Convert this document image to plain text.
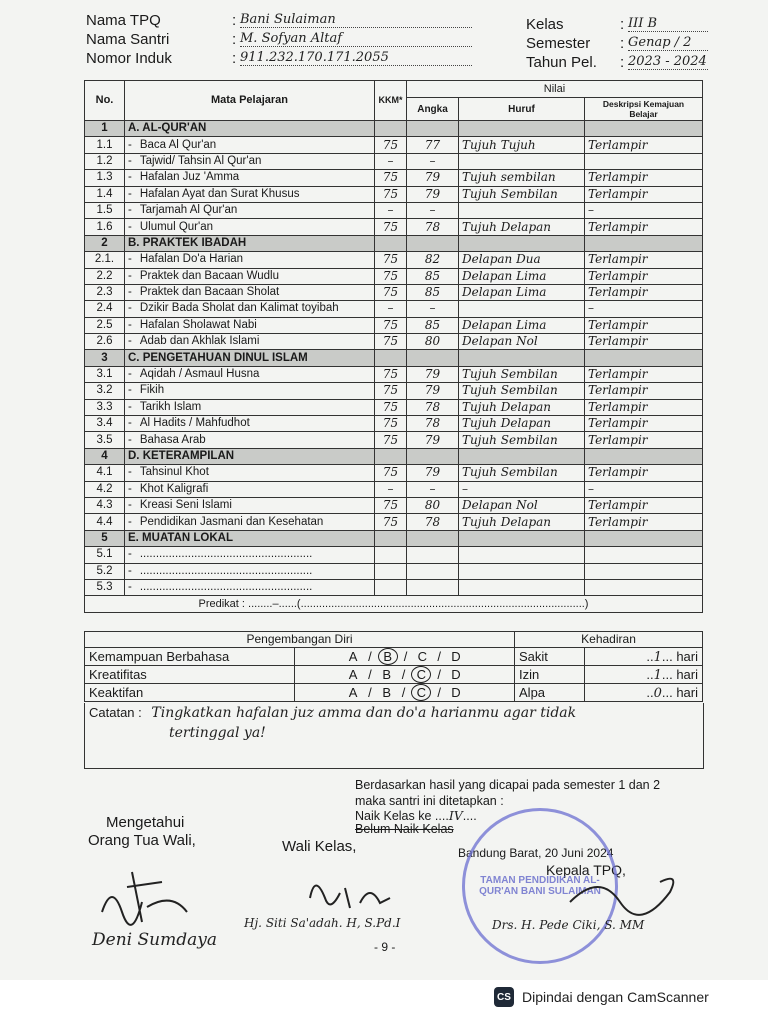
Nama TPQ	: Bani Sulaiman
Nama Santri	: M. Sofyan Altaf
Nomor Induk	: 911.232.170.171.2055
Kelas	: III B
Semester : Genap / 2
Tahun Pel. : 2023 - 2024
No.	Mata Pelajaran	KKM*	Nilai		
			Angka	Huruf	Deskripsi Kemajuan Belajar
1	A. AL-QUR'AN				
1.1	- Baca Al Qur'an	75	77	Tujuh Tujuh	Terlampir
1.2	- Tajwid/ Tahsin Al Qur'an	–	–		
1.3	- Hafalan Juz 'Amma	75	79	Tujuh sembilan	Terlampir
1.4	- Hafalan Ayat dan Surat Khusus	75	79	Tujuh Sembilan	Terlampir
1.5	- Tarjamah Al Qur'an	–	–		–
1.6	- Ulumul Qur'an	75	78	Tujuh Delapan	Terlampir
2	B. PRAKTEK IBADAH				
2.1.	- Hafalan Do'a Harian	75	82	Delapan Dua	Terlampir
2.2	- Praktek dan Bacaan Wudlu	75	85	Delapan Lima	Terlampir
2.3	- Praktek dan Bacaan Sholat	75	85	Delapan Lima	Terlampir
2.4	- Dzikir Bada Sholat dan Kalimat toyibah	–	–		–
2.5	- Hafalan Sholawat Nabi	75	85	Delapan Lima	Terlampir
2.6	- Adab dan Akhlak Islami	75	80	Delapan Nol	Terlampir
3	C. PENGETAHUAN DINUL ISLAM				
3.1	- Aqidah / Asmaul Husna	75	79	Tujuh Sembilan	Terlampir
3.2	- Fikih	75	79	Tujuh Sembilan	Terlampir
3.3	- Tarikh Islam	75	78	Tujuh Delapan	Terlampir
3.4	- Al Hadits / Mahfudhot	75	78	Tujuh Delapan	Terlampir
3.5	- Bahasa Arab	75	79	Tujuh Sembilan	Terlampir
4	D. KETERAMPILAN				
4.1	- Tahsinul Khot	75	79	Tujuh Sembilan	Terlampir
4.2	- Khot Kaligrafi	–	–	–	–
4.3	- Kreasi Seni Islami	75	80	Delapan Nol	Terlampir
4.4	- Pendidikan Jasmani dan Kesehatan	75	78	Tujuh Delapan	Terlampir
5	E. MUATAN LOKAL				
5.1	- ......................................................				
5.2	- ......................................................				
5.3	- ......................................................				
Predikat : ........–......(.............................................................................................)					
Pengembangan Diri		Kehadiran	
Kemampuan Berbahasa	A / B / C / D	Sakit	..1... hari
Kreatifitas	A / B / C / D	Izin	..1... hari
Keaktifan	A / B / C / D	Alpa	..0... hari
Catatan : Tingkatkan hafalan juz amma dan do'a harianmu agar tidak
tertinggal ya!
Berdasarkan hasil yang dicapai pada semester 1 dan 2
maka santri ini ditetapkan :
Naik Kelas ke ....IV....
Belum Naik Kelas
Mengetahui
Orang Tua Wali,	Wali Kelas,	Bandung Barat, 20 Juni 2024
Kepala TPQ,
Deni Sumdaya
Hj. Siti Sa'adah. H, S.Pd.I
TAMAN PENDIDIKAN AL-QUR'AN BANI SULAIMAN
Drs. H. Pede Ciki, S. MM
- 9 -
CS Dipindai dengan CamScanner
